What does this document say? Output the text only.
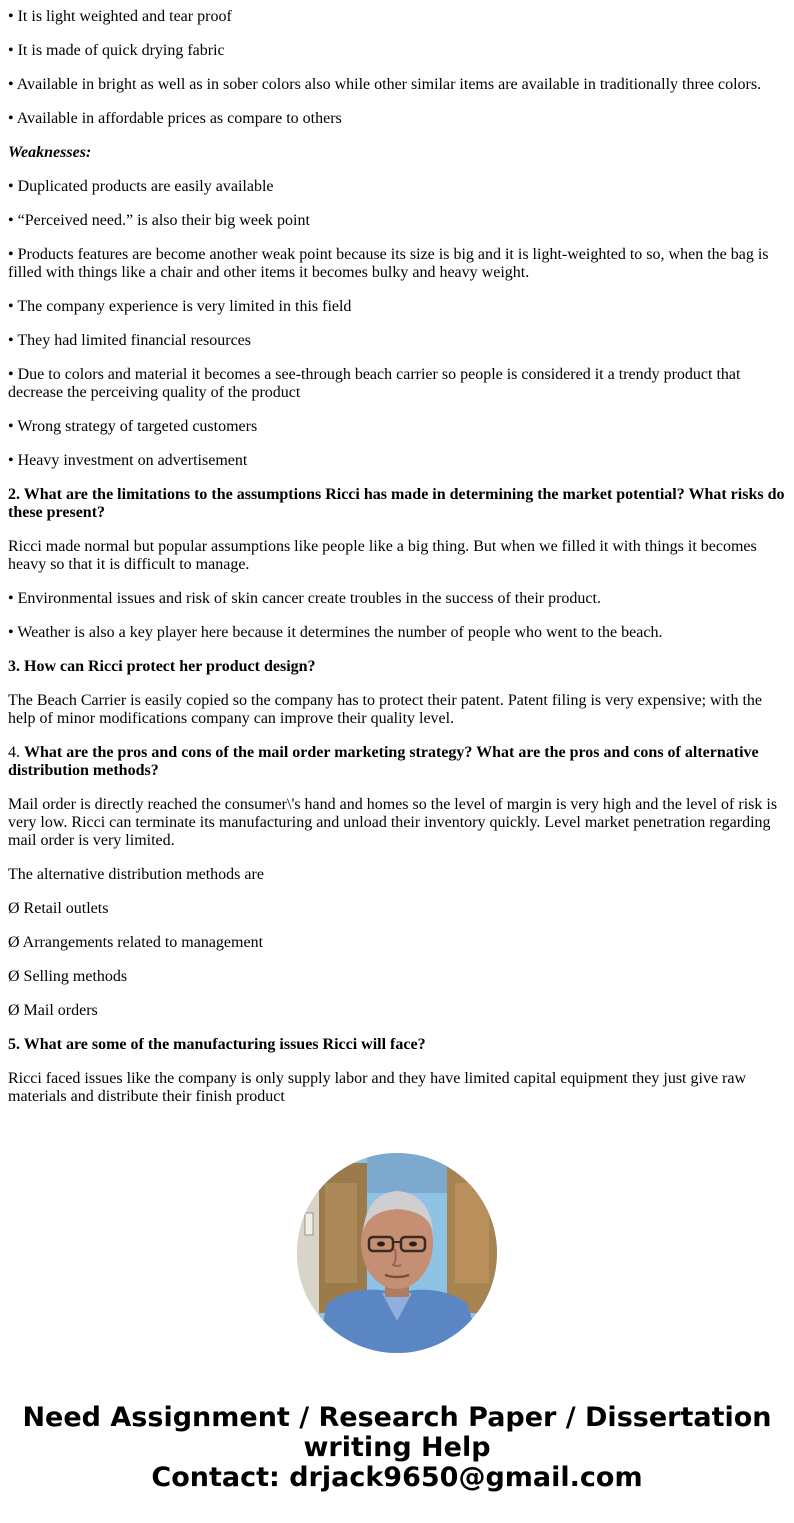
• It is light weighted and tear proof

• It is made of quick drying fabric

• Available in bright as well as in sober colors also while other similar items are available in traditionally three colors.

• Available in affordable prices as compare to others

Weaknesses:

• Duplicated products are easily available

• “Perceived need.” is also their big week point

• Products features are become another weak point because its size is big and it is light-weighted to so, when the bag is filled with things like a chair and other items it becomes bulky and heavy weight.

• The company experience is very limited in this field

• They had limited financial resources

• Due to colors and material it becomes a see-through beach carrier so people is considered it a trendy product that decrease the perceiving quality of the product

• Wrong strategy of targeted customers

• Heavy investment on advertisement

2. What are the limitations to the assumptions Ricci has made in determining the market potential? What risks do these present?

Ricci made normal but popular assumptions like people like a big thing. But when we filled it with things it becomes heavy so that it is difficult to manage.

• Environmental issues and risk of skin cancer create troubles in the success of their product.

• Weather is also a key player here because it determines the number of people who went to the beach.

3. How can Ricci protect her product design?

The Beach Carrier is easily copied so the company has to protect their patent. Patent filing is very expensive; with the help of minor modifications company can improve their quality level.

4. What are the pros and cons of the mail order marketing strategy? What are the pros and cons of alternative distribution methods?

Mail order is directly reached the consumer\'s hand and homes so the level of margin is very high and the level of risk is very low. Ricci can terminate its manufacturing and unload their inventory quickly. Level market penetration regarding mail order is very limited.

The alternative distribution methods are

Ø Retail outlets

Ø Arrangements related to management

Ø Selling methods

Ø Mail orders

5. What are some of the manufacturing issues Ricci will face?

Ricci faced issues like the company is only supply labor and they have limited capital equipment they just give raw materials and distribute their finish product

Need Assignment / Research Paper / Dissertation
writing Help
Contact: drjack9650@gmail.com
